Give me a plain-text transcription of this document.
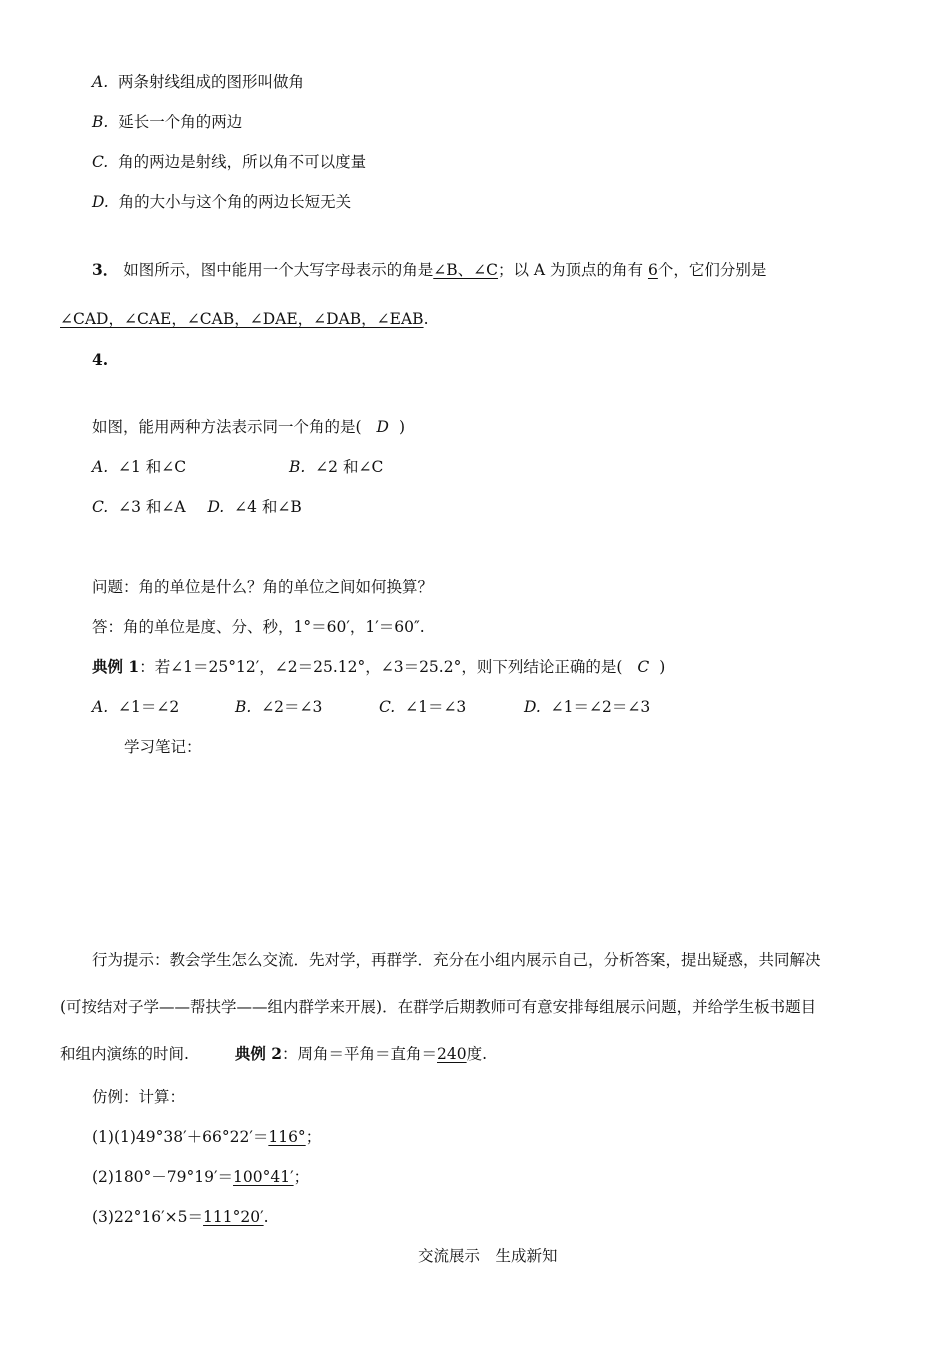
A. 两条射线组成的图形叫做角
B. 延长一个角的两边
C. 角的两边是射线，所以角不可以度量
D. 角的大小与这个角的两边长短无关
3． 如图所示，图中能用一个大写字母表示的角是∠B、∠C；以 A 为顶点的角有 6个，它们分别是
∠CAD，∠CAE，∠CAB，∠DAE，∠DAB，∠EAB.
4.
如图，能用两种方法表示同一个角的是( D )
A. ∠1 和∠C	B. ∠2 和∠C
C. ∠3 和∠A D. ∠4 和∠B
问题：角的单位是什么？角的单位之间如何换算？
答：角的单位是度、分、秒，1°＝60′，1′＝60″.
典例 1：若∠1＝25°12′，∠2＝25.12°，∠3＝25.2°，则下列结论正确的是( C )
A. ∠1＝∠2	B. ∠2＝∠3	C. ∠1＝∠3	D. ∠1＝∠2＝∠3
学习笔记：
行为提示：教会学生怎么交流．先对学，再群学．充分在小组内展示自己，分析答案，提出疑惑，共同解决
(可按结对子学——帮扶学——组内群学来开展)．在群学后期教师可有意安排每组展示问题，并给学生板书题目
和组内演练的时间.	典例 2：周角＝平角＝直角＝240度.
仿例：计算：
(1)(1)49°38′＋66°22′＝116°；
(2)180°－79°19′＝100°41′；
(3)22°16′×5＝111°20′.
交流展示　生成新知
